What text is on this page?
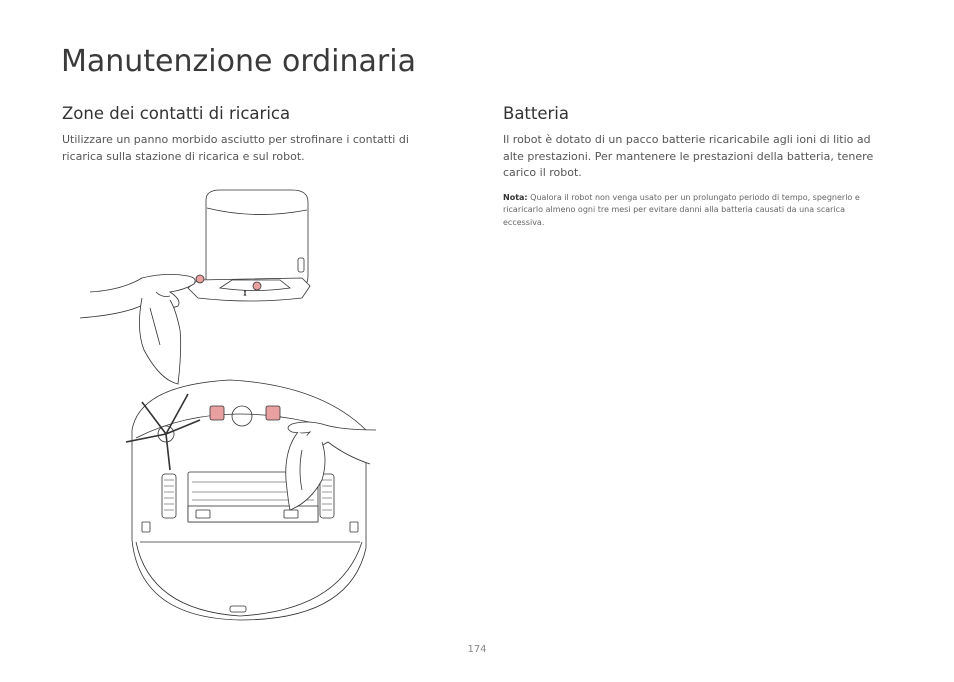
Manutenzione ordinaria
Zone dei contatti di ricarica

Utilizzare un panno morbido asciutto per strofinare i contatti di ricarica sulla stazione di ricarica e sul robot.

Batteria

Il robot è dotato di un pacco batterie ricaricabile agli ioni di litio ad alte prestazioni. Per mantenere le prestazioni della batteria, tenere carico il robot.

Nota: Qualora il robot non venga usato per un prolungato periodo di tempo, spegnerlo e ricaricarlo almeno ogni tre mesi per evitare danni alla batteria causati da una scarica eccessiva.

174
